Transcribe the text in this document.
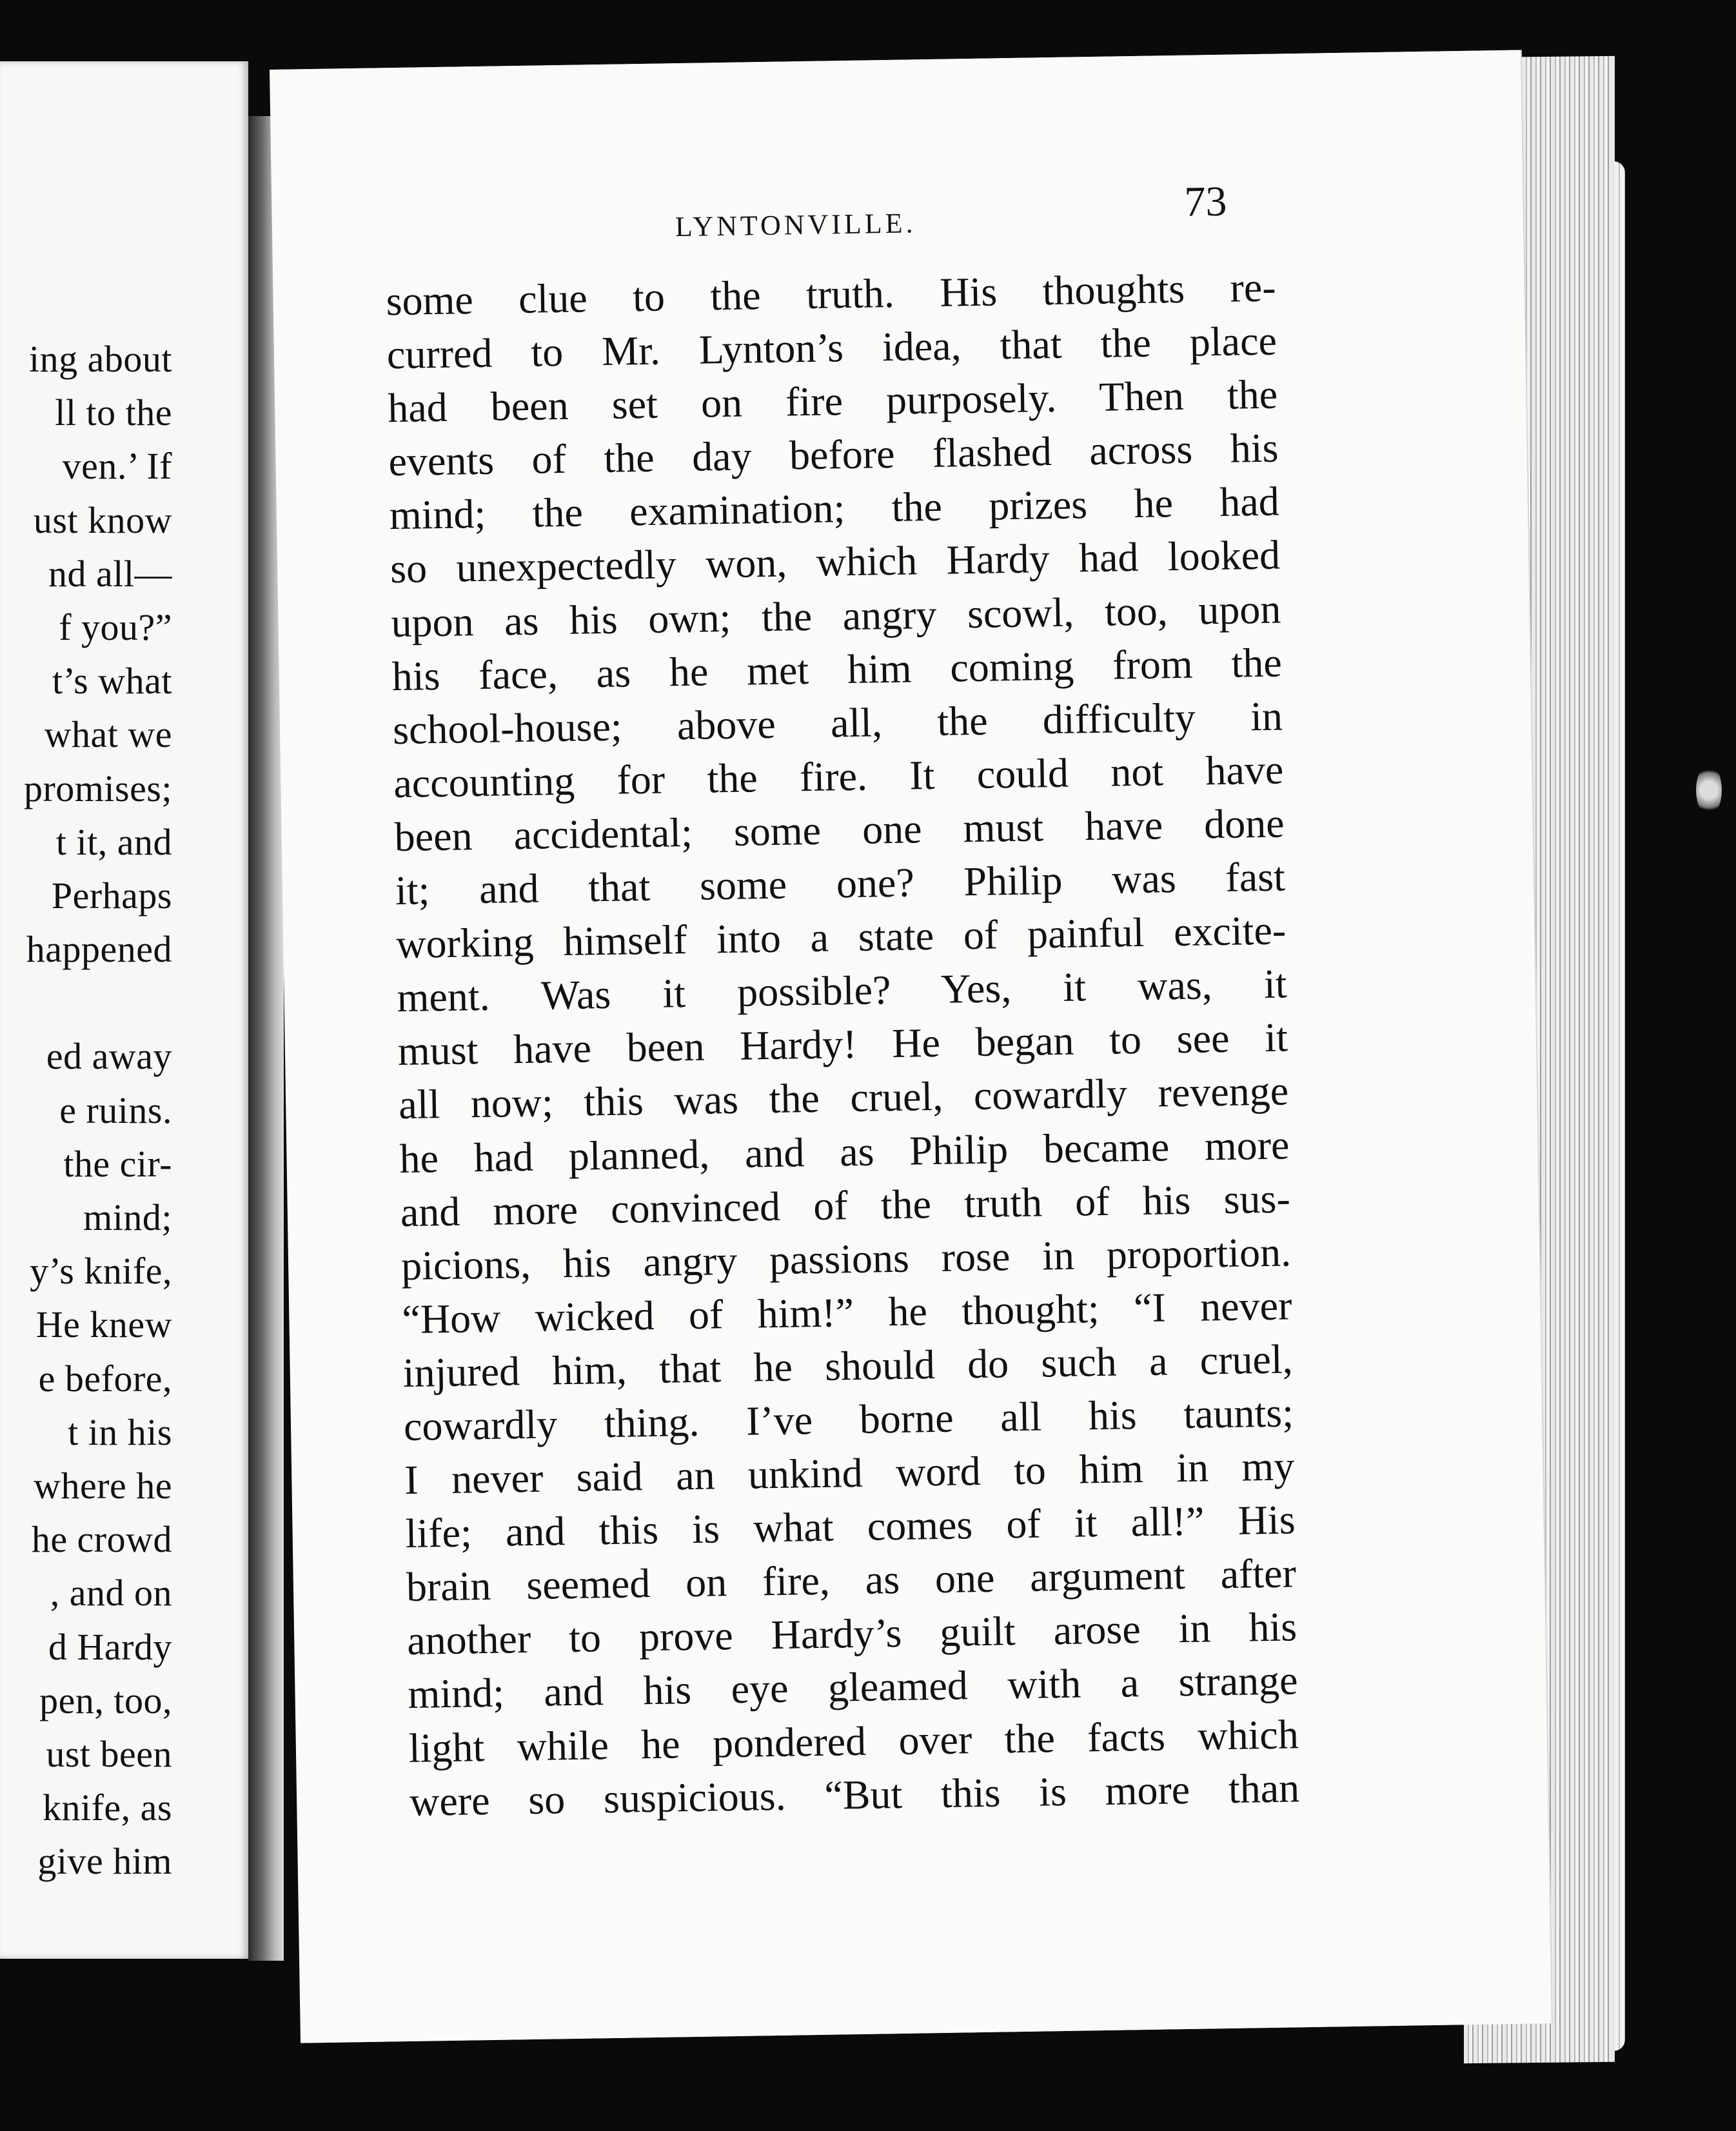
ing about
ll to the
ven.’ If
ust know
nd all—
f you?”
t’s what
what we
promises;
t it, and
Perhaps
happened
ed away
e ruins.
the cir-
mind;
y’s knife,
He knew
e before,
t in his
where he
he crowd
, and on
d Hardy
pen, too,
ust been
knife, as
give him
LYNTONVILLE.	73
some clue to the truth. His thoughts re-
curred to Mr. Lynton’s idea, that the place
had been set on fire purposely. Then the
events of the day before flashed across his
mind; the examination; the prizes he had
so unexpectedly won, which Hardy had looked
upon as his own; the angry scowl, too, upon
his face, as he met him coming from the
school-house; above all, the difficulty in
accounting for the fire. It could not have
been accidental; some one must have done
it; and that some one? Philip was fast
working himself into a state of painful excite-
ment. Was it possible? Yes, it was, it
must have been Hardy! He began to see it
all now; this was the cruel, cowardly revenge
he had planned, and as Philip became more
and more convinced of the truth of his sus-
picions, his angry passions rose in proportion.
“How wicked of him!” he thought; “I never
injured him, that he should do such a cruel,
cowardly thing. I’ve borne all his taunts;
I never said an unkind word to him in my
life; and this is what comes of it all!” His
brain seemed on fire, as one argument after
another to prove Hardy’s guilt arose in his
mind; and his eye gleamed with a strange
light while he pondered over the facts which
were so suspicious. “But this is more than
